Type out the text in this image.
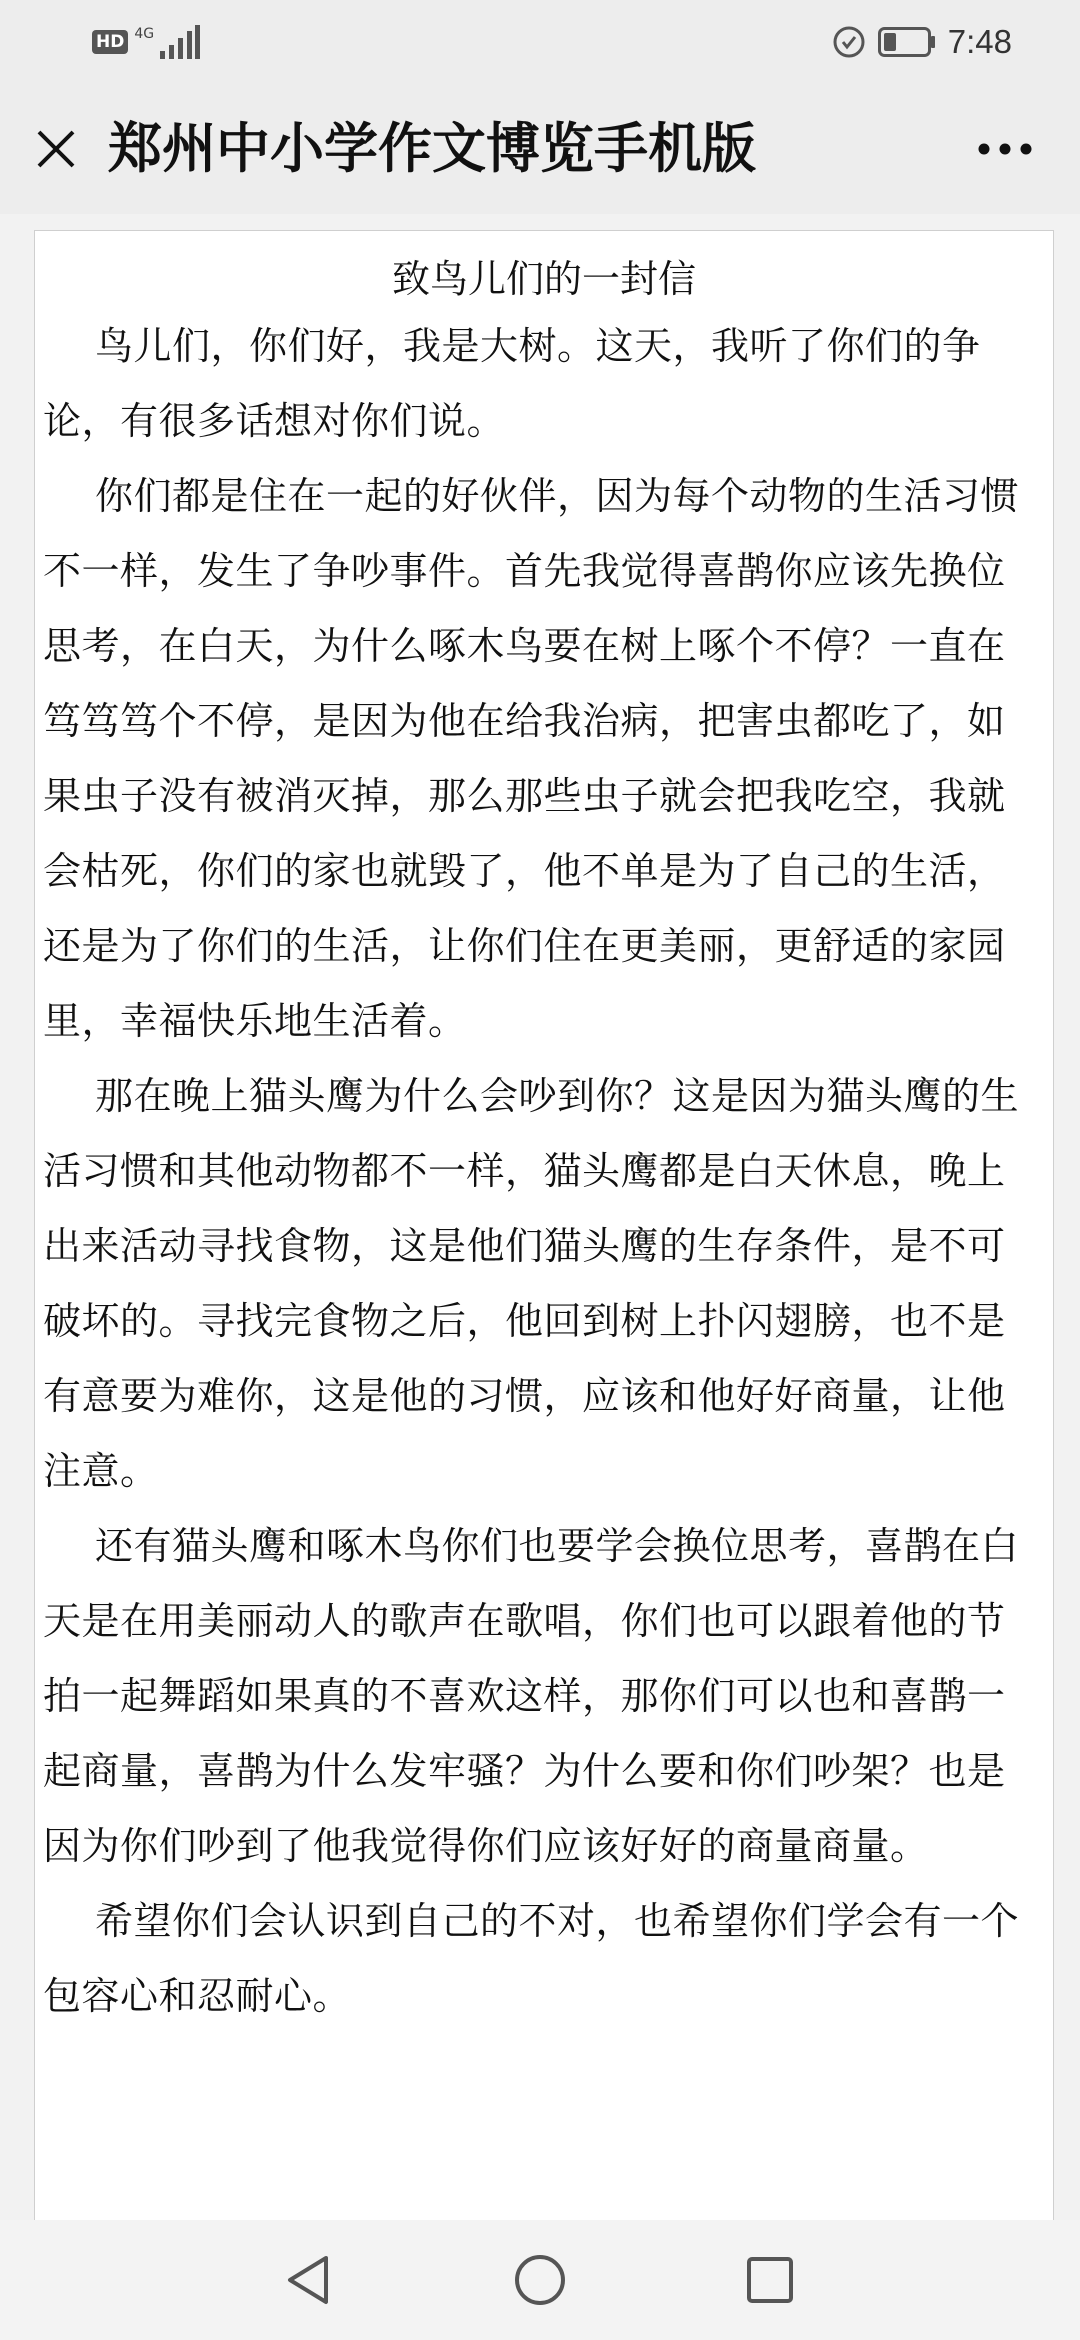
HD 4G	7:48
郑州中小学作文博览手机版
致鸟儿们的一封信

鸟儿们，你们好，我是大树。这天，我听了你们的争论，有很多话想对你们说。

你们都是住在一起的好伙伴，因为每个动物的生活习惯不一样，发生了争吵事件。首先我觉得喜鹊你应该先换位思考，在白天，为什么啄木鸟要在树上啄个不停？一直在笃笃笃个不停，是因为他在给我治病，把害虫都吃了，如果虫子没有被消灭掉，那么那些虫子就会把我吃空，我就会枯死，你们的家也就毁了，他不单是为了自己的生活，还是为了你们的生活，让你们住在更美丽，更舒适的家园里，幸福快乐地生活着。

那在晚上猫头鹰为什么会吵到你？这是因为猫头鹰的生活习惯和其他动物都不一样，猫头鹰都是白天休息，晚上出来活动寻找食物，这是他们猫头鹰的生存条件，是不可破坏的。寻找完食物之后，他回到树上扑闪翅膀，也不是有意要为难你，这是他的习惯，应该和他好好商量，让他注意。

还有猫头鹰和啄木鸟你们也要学会换位思考，喜鹊在白天是在用美丽动人的歌声在歌唱，你们也可以跟着他的节拍一起舞蹈如果真的不喜欢这样，那你们可以也和喜鹊一起商量，喜鹊为什么发牢骚？为什么要和你们吵架？也是因为你们吵到了他我觉得你们应该好好的商量商量。

希望你们会认识到自己的不对，也希望你们学会有一个包容心和忍耐心。
